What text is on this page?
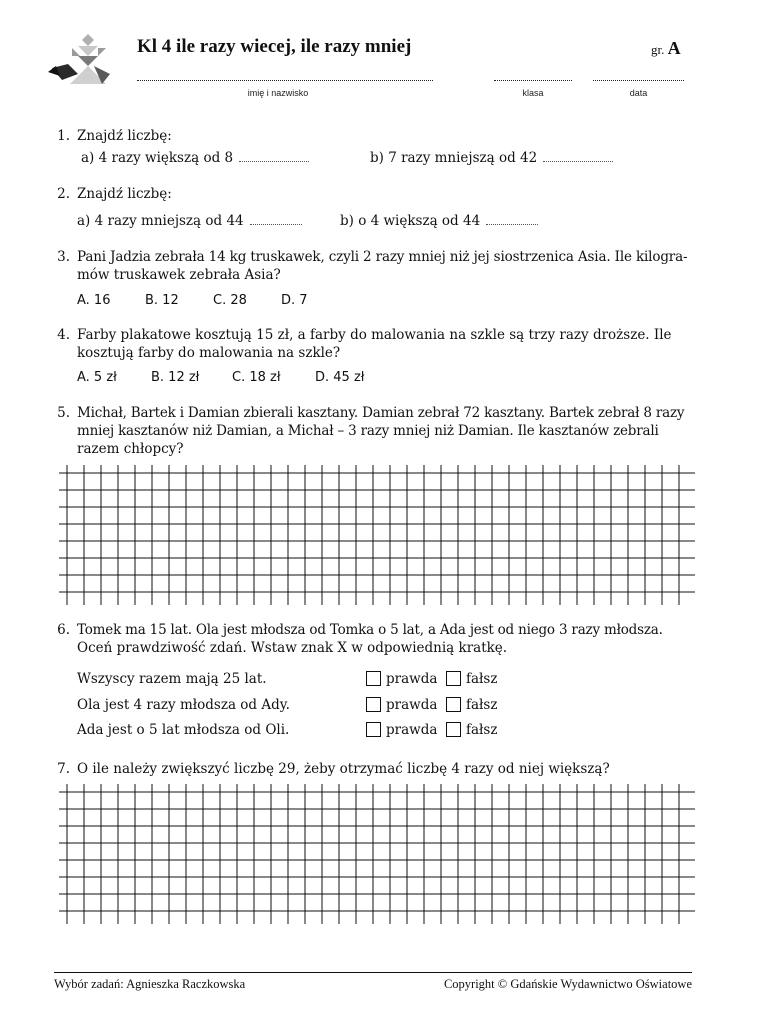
Kl 4 ile razy wiecej, ile razy mniej	gr. A
imię i nazwisko	klasa	data
1. Znajdź liczbę:
a) 4 razy większą od 8	b) 7 razy mniejszą od 42
2. Znajdź liczbę:
a) 4 razy mniejszą od 44	b) o 4 większą od 44
3. Pani Jadzia zebrała 14 kg truskawek, czyli 2 razy mniej niż jej siostrzenica Asia. Ile kilogra-
mów truskawek zebrała Asia?
A. 16	B. 12	C. 28	D. 7
4. Farby plakatowe kosztują 15 zł, a farby do malowania na szkle są trzy razy droższe. Ile
kosztują farby do malowania na szkle?
A. 5 zł	B. 12 zł	C. 18 zł	D. 45 zł
5. Michał, Bartek i Damian zbierali kasztany. Damian zebrał 72 kasztany. Bartek zebrał 8 razy
mniej kasztanów niż Damian, a Michał – 3 razy mniej niż Damian. Ile kasztanów zebrali
razem chłopcy?
6. Tomek ma 15 lat. Ola jest młodsza od Tomka o 5 lat, a Ada jest od niego 3 razy młodsza.
Oceń prawdziwość zdań. Wstaw znak X w odpowiednią kratkę.
Wszyscy razem mają 25 lat.	prawda	fałsz
Ola jest 4 razy młodsza od Ady.	prawda	fałsz
Ada jest o 5 lat młodsza od Oli.	prawda	fałsz
7. O ile należy zwiększyć liczbę 29, żeby otrzymać liczbę 4 razy od niej większą?
Wybór zadań: Agnieszka Raczkowska	Copyright © Gdańskie Wydawnictwo Oświatowe
